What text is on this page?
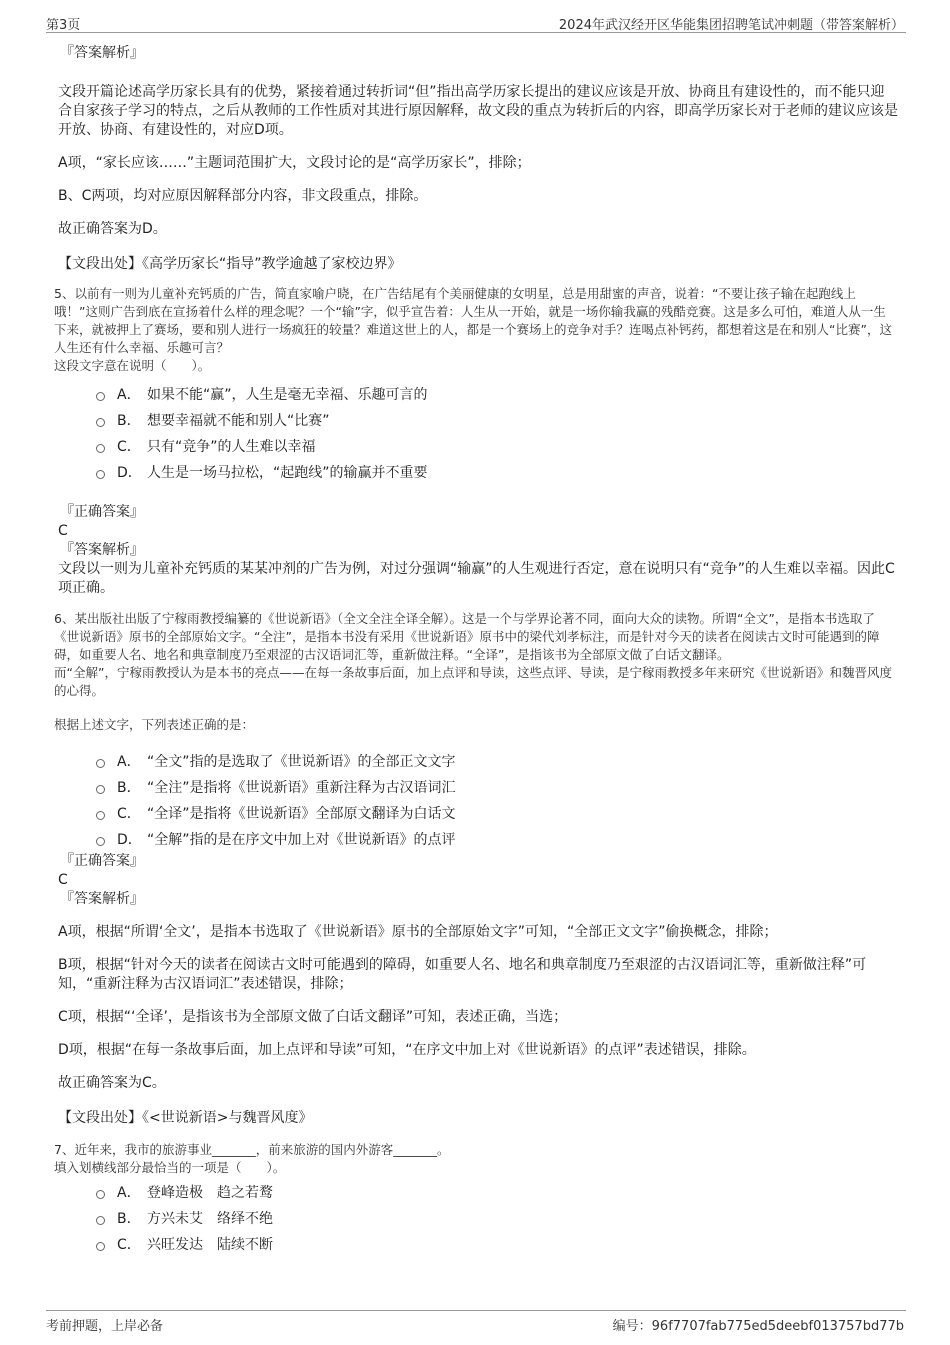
第3页	2024年武汉经开区华能集团招聘笔试冲刺题（带答案解析）

『答案解析』

文段开篇论述高学历家长具有的优势，紧接着通过转折词“但”指出高学历家长提出的建议应该是开放、协商且有建设性的，而不能只迎合自家孩子学习的特点，之后从教师的工作性质对其进行原因解释，故文段的重点为转折后的内容，即高学历家长对于老师的建议应该是开放、协商、有建设性的，对应D项。

A项，“家长应该……”主题词范围扩大，文段讨论的是“高学历家长”，排除；

B、C两项，均对应原因解释部分内容，非文段重点，排除。

故正确答案为D。

【文段出处】《高学历家长“指导”教学逾越了家校边界》

5、以前有一则为儿童补充钙质的广告，简直家喻户晓，在广告结尾有个美丽健康的女明星，总是用甜蜜的声音，说着：“不要让孩子输在起跑线上哦！”这则广告到底在宣扬着什么样的理念呢？一个“输”字，似乎宣告着：人生从一开始，就是一场你输我赢的残酷竞赛。这是多么可怕，难道人从一生下来，就被押上了赛场，要和别人进行一场疯狂的较量？难道这世上的人，都是一个赛场上的竞争对手？连喝点补钙药，都想着这是在和别人“比赛”，这人生还有什么幸福、乐趣可言？

这段文字意在说明（　　）。

A． 如果不能“赢”，人生是毫无幸福、乐趣可言的
B． 想要幸福就不能和别人“比赛”
C． 只有“竞争”的人生难以幸福
D． 人生是一场马拉松，“起跑线”的输赢并不重要

『正确答案』

C

『答案解析』

文段以一则为儿童补充钙质的某某冲剂的广告为例，对过分强调“输赢”的人生观进行否定，意在说明只有“竞争”的人生难以幸福。因此C项正确。

6、某出版社出版了宁稼雨教授编纂的《世说新语》（全文全注全译全解）。这是一个与学界论著不同，面向大众的读物。所谓“全文”，是指本书选取了《世说新语》原书的全部原始文字。“全注”，是指本书没有采用《世说新语》原书中的梁代刘孝标注，而是针对今天的读者在阅读古文时可能遇到的障碍，如重要人名、地名和典章制度乃至艰涩的古汉语词汇等，重新做注释。“全译”，是指该书为全部原文做了白话文翻译。

而“全解”，宁稼雨教授认为是本书的亮点——在每一条故事后面，加上点评和导读，这些点评、导读，是宁稼雨教授多年来研究《世说新语》和魏晋风度的心得。

根据上述文字，下列表述正确的是：

A． “全文”指的是选取了《世说新语》的全部正文文字
B． “全注”是指将《世说新语》重新注释为古汉语词汇
C． “全译”是指将《世说新语》全部原文翻译为白话文
D． “全解”指的是在序文中加上对《世说新语》的点评

『正确答案』

C

『答案解析』

A项，根据“所谓‘全文’，是指本书选取了《世说新语》原书的全部原始文字”可知，“全部正文文字”偷换概念，排除；

B项，根据“针对今天的读者在阅读古文时可能遇到的障碍，如重要人名、地名和典章制度乃至艰涩的古汉语词汇等，重新做注释”可知，“重新注释为古汉语词汇”表述错误，排除；

C项，根据“‘全译’，是指该书为全部原文做了白话文翻译”可知，表述正确，当选；

D项，根据“在每一条故事后面，加上点评和导读”可知，“在序文中加上对《世说新语》的点评”表述错误，排除。

故正确答案为C。

【文段出处】《<世说新语>与魏晋风度》

7、近年来，我市的旅游事业_______，前来旅游的国内外游客_______。

填入划横线部分最恰当的一项是（　　）。

A． 登峰造极　趋之若鹜
B． 方兴未艾　络绎不绝
C． 兴旺发达　陆续不断
考前押题，上岸必备	编号：96f7707fab775ed5deebf013757bd77b
